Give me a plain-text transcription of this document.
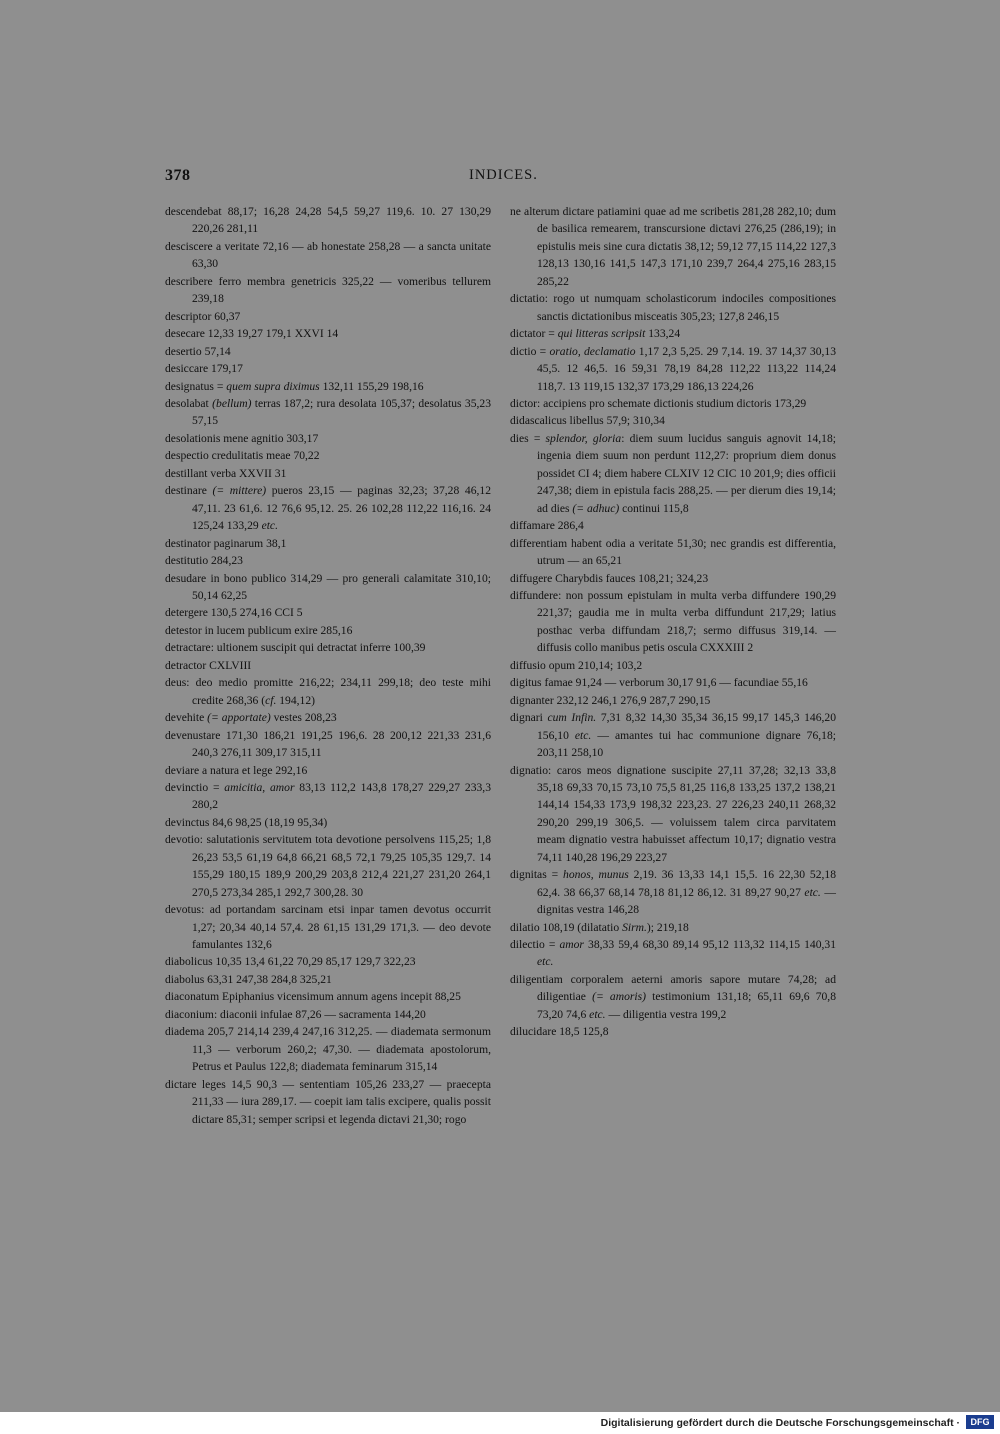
378	INDICES.
descendebat 88,17; 16,28 24,28 54,5 59,27 119,6. 10. 27 130,29 220,26 281,11
desciscere a veritate 72,16 — ab honestate 258,28 — a sancta unitate 63,30
describere ferro membra genetricis 325,22 — vomeribus tellurem 239,18
descriptor 60,37
desecare 12,33 19,27 179,1 XXVI 14
desertio 57,14
desiccare 179,17
designatus = quem supra diximus 132,11 155,29 198,16
desolabat (bellum) terras 187,2; rura desolata 105,37; desolatus 35,23 57,15
desolationis mene agnitio 303,17
despectio credulitatis meae 70,22
destillant verba XXVII 31
destinare (= mittere) pueros 23,15 — paginas 32,23; 37,28 46,12 47,11. 23 61,6. 12 76,6 95,12. 25. 26 102,28 112,22 116,16. 24 125,24 133,29 etc.
destinator paginarum 38,1
destitutio 284,23
desudare in bono publico 314,29 — pro generali calamitate 310,10; 50,14 62,25
detergere 130,5 274,16 CCI 5
detestor in lucem publicum exire 285,16
detractare: ultionem suscipit qui detractat inferre 100,39
detractor CXLVIII
deus: deo medio promitte 216,22; 234,11 299,18; deo teste mihi credite 268,36 (cf. 194,12)
devehite (= apportate) vestes 208,23
devenustare 171,30 186,21 191,25 196,6. 28 200,12 221,33 231,6 240,3 276,11 309,17 315,11
deviare a natura et lege 292,16
devinctio = amicitia, amor 83,13 112,2 143,8 178,27 229,27 233,3 280,2
devinctus 84,6 98,25 (18,19 95,34)
devotio: salutationis servitutem tota devotione persolvens 115,25; 1,8 26,23 53,5 61,19 64,8 66,21 68,5 72,1 79,25 105,35 129,7. 14 155,29 180,15 189,9 200,29 203,8 212,4 221,27 231,20 264,1 270,5 273,34 285,1 292,7 300,28. 30
devotus: ad portandam sarcinam etsi inpar tamen devotus occurrit 1,27; 20,34 40,14 57,4. 28 61,15 131,29 171,3. — deo devote famulantes 132,6
diabolicus 10,35 13,4 61,22 70,29 85,17 129,7 322,23
diabolus 63,31 247,38 284,8 325,21
diaconatum Epiphanius vicensimum annum agens incepit 88,25
diaconium: diaconii infulae 87,26 — sacramenta 144,20
diadema 205,7 214,14 239,4 247,16 312,25. — diademata sermonum 11,3 — verborum 260,2; 47,30. — diademata apostolorum, Petrus et Paulus 122,8; diademata feminarum 315,14
dictare leges 14,5 90,3 — sententiam 105,26 233,27 — praecepta 211,33 — iura 289,17. — coepit iam talis excipere, qualis possit dictare 85,31; semper scripsi et legenda dictavi 21,30; rogo
ne alterum dictare patiamini quae ad me scribetis 281,28 282,10; dum de basilica remearem, transcursione dictavi 276,25 (286,19); in epistulis meis sine cura dictatis 38,12; 59,12 77,15 114,22 127,3 128,13 130,16 141,5 147,3 171,10 239,7 264,4 275,16 283,15 285,22
dictatio: rogo ut numquam scholasticorum indociles compositiones sanctis dictationibus misceatis 305,23; 127,8 246,15
dictator = qui litteras scripsit 133,24
dictio = oratio, declamatio 1,17 2,3 5,25. 29 7,14. 19. 37 14,37 30,13 45,5. 12 46,5. 16 59,31 78,19 84,28 112,22 113,22 114,24 118,7. 13 119,15 132,37 173,29 186,13 224,26
dictor: accipiens pro schemate dictionis studium dictoris 173,29
didascalicus libellus 57,9; 310,34
dies = splendor, gloria: diem suum lucidus sanguis agnovit 14,18; ingenia diem suum non perdunt 112,27: proprium diem donus possidet CI 4; diem habere CLXIV 12 CIC 10 201,9; dies officii 247,38; diem in epistula facis 288,25. — per dierum dies 19,14; ad dies (= adhuc) continui 115,8
diffamare 286,4
differentiam habent odia a veritate 51,30; nec grandis est differentia, utrum — an 65,21
diffugere Charybdis fauces 108,21; 324,23
diffundere: non possum epistulam in multa verba diffundere 190,29 221,37; gaudia me in multa verba diffundunt 217,29; latius posthac verba diffundam 218,7; sermo diffusus 319,14. — diffusis collo manibus petis oscula CXXXIII 2
diffusio opum 210,14; 103,2
digitus famae 91,24 — verborum 30,17 91,6 — facundiae 55,16
dignanter 232,12 246,1 276,9 287,7 290,15
dignari cum Infin. 7,31 8,32 14,30 35,34 36,15 99,17 145,3 146,20 156,10 etc. — amantes tui hac communione dignare 76,18; 203,11 258,10
dignatio: caros meos dignatione suscipite 27,11 37,28; 32,13 33,8 35,18 69,33 70,15 73,10 75,5 81,25 116,8 133,25 137,2 138,21 144,14 154,33 173,9 198,32 223,23. 27 226,23 240,11 268,32 290,20 299,19 306,5. — voluissem talem circa parvitatem meam dignatio vestra habuisset affectum 10,17; dignatio vestra 74,11 140,28 196,29 223,27
dignitas = honos, munus 2,19. 36 13,33 14,1 15,5. 16 22,30 52,18 62,4. 38 66,37 68,14 78,18 81,12 86,12. 31 89,27 90,27 etc. — dignitas vestra 146,28
dilatio 108,19 (dilatatio Sirm.); 219,18
dilectio = amor 38,33 59,4 68,30 89,14 95,12 113,32 114,15 140,31 etc.
diligentiam corporalem aeterni amoris sapore mutare 74,28; ad diligentiae (= amoris) testimonium 131,18; 65,11 69,6 70,8 73,20 74,6 etc. — diligentia vestra 199,2
dilucidare 18,5 125,8
Digitalisierung gefördert durch die Deutsche Forschungsgemeinschaft ·	DFG
